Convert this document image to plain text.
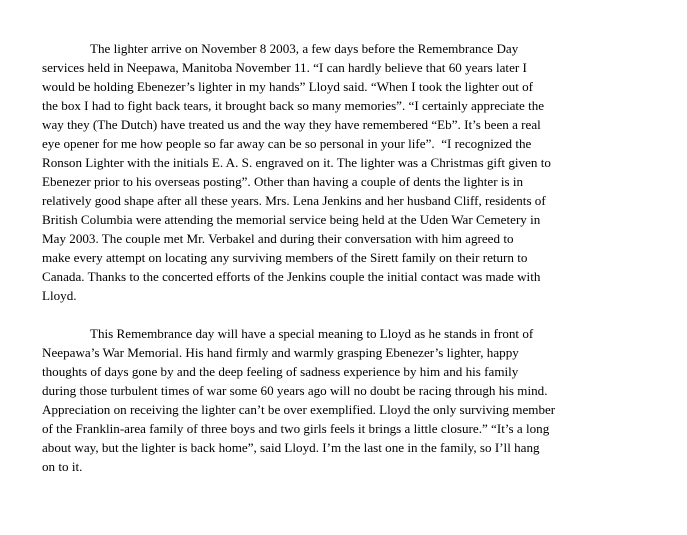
The lighter arrive on November 8 2003, a few days before the Remembrance Day
services held in Neepawa, Manitoba November 11. “I can hardly believe that 60 years later I
would be holding Ebenezer’s lighter in my hands” Lloyd said. “When I took the lighter out of
the box I had to fight back tears, it brought back so many memories”. “I certainly appreciate the
way they (The Dutch) have treated us and the way they have remembered “Eb”. It’s been a real
eye opener for me how people so far away can be so personal in your life”.  “I recognized the
Ronson Lighter with the initials E. A. S. engraved on it. The lighter was a Christmas gift given to
Ebenezer prior to his overseas posting”. Other than having a couple of dents the lighter is in
relatively good shape after all these years. Mrs. Lena Jenkins and her husband Cliff, residents of
British Columbia were attending the memorial service being held at the Uden War Cemetery in
May 2003. The couple met Mr. Verbakel and during their conversation with him agreed to
make every attempt on locating any surviving members of the Sirett family on their return to
Canada. Thanks to the concerted efforts of the Jenkins couple the initial contact was made with
Lloyd.
This Remembrance day will have a special meaning to Lloyd as he stands in front of
Neepawa’s War Memorial. His hand firmly and warmly grasping Ebenezer’s lighter, happy
thoughts of days gone by and the deep feeling of sadness experience by him and his family
during those turbulent times of war some 60 years ago will no doubt be racing through his mind.
Appreciation on receiving the lighter can’t be over exemplified. Lloyd the only surviving member
of the Franklin-area family of three boys and two girls feels it brings a little closure.” “It’s a long
about way, but the lighter is back home”, said Lloyd. I’m the last one in the family, so I’ll hang
on to it.
